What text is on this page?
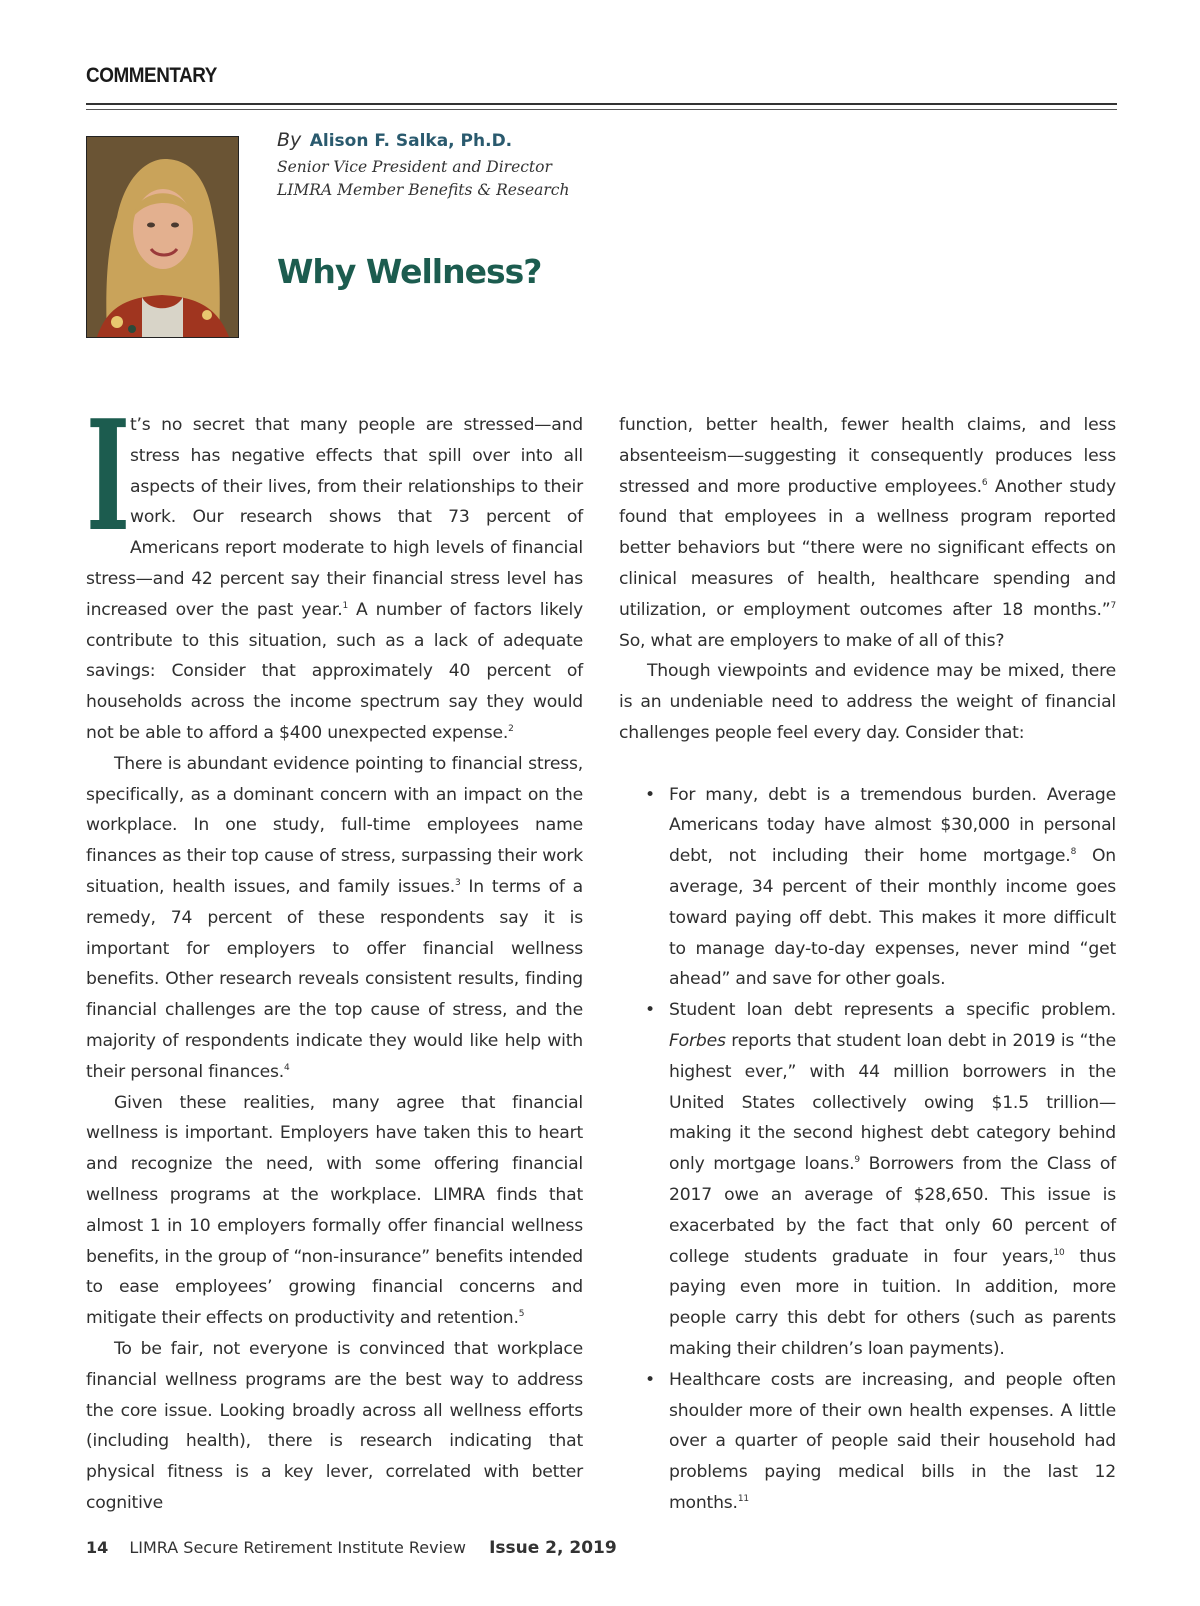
COMMENTARY
By Alison F. Salka, Ph.D.
Senior Vice President and Director
LIMRA Member Benefits & Research
Why Wellness?

It’s no secret that many people are stressed—and stress has negative effects that spill over into all aspects of their lives, from their relationships to their work. Our research shows that 73 percent of Americans report moderate to high levels of financial stress—and 42 percent say their financial stress level has increased over the past year.$^1$ A number of factors likely contribute to this situation, such as a lack of adequate savings: Consider that approximately 40 percent of households across the income spectrum say they would not be able to afford a $400 unexpected expense.$^2$

There is abundant evidence pointing to financial stress, specifically, as a dominant concern with an impact on the workplace. In one study, full-time employees name finances as their top cause of stress, surpassing their work situation, health issues, and family issues.$^3$ In terms of a remedy, 74 percent of these respondents say it is important for employers to offer financial wellness benefits. Other research reveals consistent results, finding financial challenges are the top cause of stress, and the majority of respondents indicate they would like help with their personal finances.$^4$

Given these realities, many agree that financial wellness is important. Employers have taken this to heart and recognize the need, with some offering financial wellness programs at the workplace. LIMRA finds that almost 1 in 10 employers formally offer financial wellness benefits, in the group of “non-insurance” benefits intended to ease employees’ growing financial concerns and mitigate their effects on productivity and retention.$^5$

To be fair, not everyone is convinced that workplace financial wellness programs are the best way to address the core issue. Looking broadly across all wellness efforts (including health), there is research indicating that physical fitness is a key lever, correlated with better cognitive

function, better health, fewer health claims, and less absenteeism—suggesting it consequently produces less stressed and more productive employees.$^6$ Another study found that employees in a wellness program reported better behaviors but “there were no significant effects on clinical measures of health, healthcare spending and utilization, or employment outcomes after 18 months.”$^7$ So, what are employers to make of all of this?

Though viewpoints and evidence may be mixed, there is an undeniable need to address the weight of financial challenges people feel every day. Consider that:

• For many, debt is a tremendous burden. Average Americans today have almost $30,000 in personal debt, not including their home mortgage.$^8$ On average, 34 percent of their monthly income goes toward paying off debt. This makes it more difficult to manage day-to-day expenses, never mind “get ahead” and save for other goals.
• Student loan debt represents a specific problem. Forbes reports that student loan debt in 2019 is “the highest ever,” with 44 million borrowers in the United States collectively owing $1.5 trillion—making it the second highest debt category behind only mortgage loans.$^9$ Borrowers from the Class of 2017 owe an average of $28,650. This issue is exacerbated by the fact that only 60 percent of college students graduate in four years,$^{10}$ thus paying even more in tuition. In addition, more people carry this debt for others (such as parents making their children’s loan payments).
• Healthcare costs are increasing, and people often shoulder more of their own health expenses. A little over a quarter of people said their household had problems paying medical bills in the last 12 months.$^{11}$
14 LIMRA Secure Retirement Institute Review Issue 2, 2019
